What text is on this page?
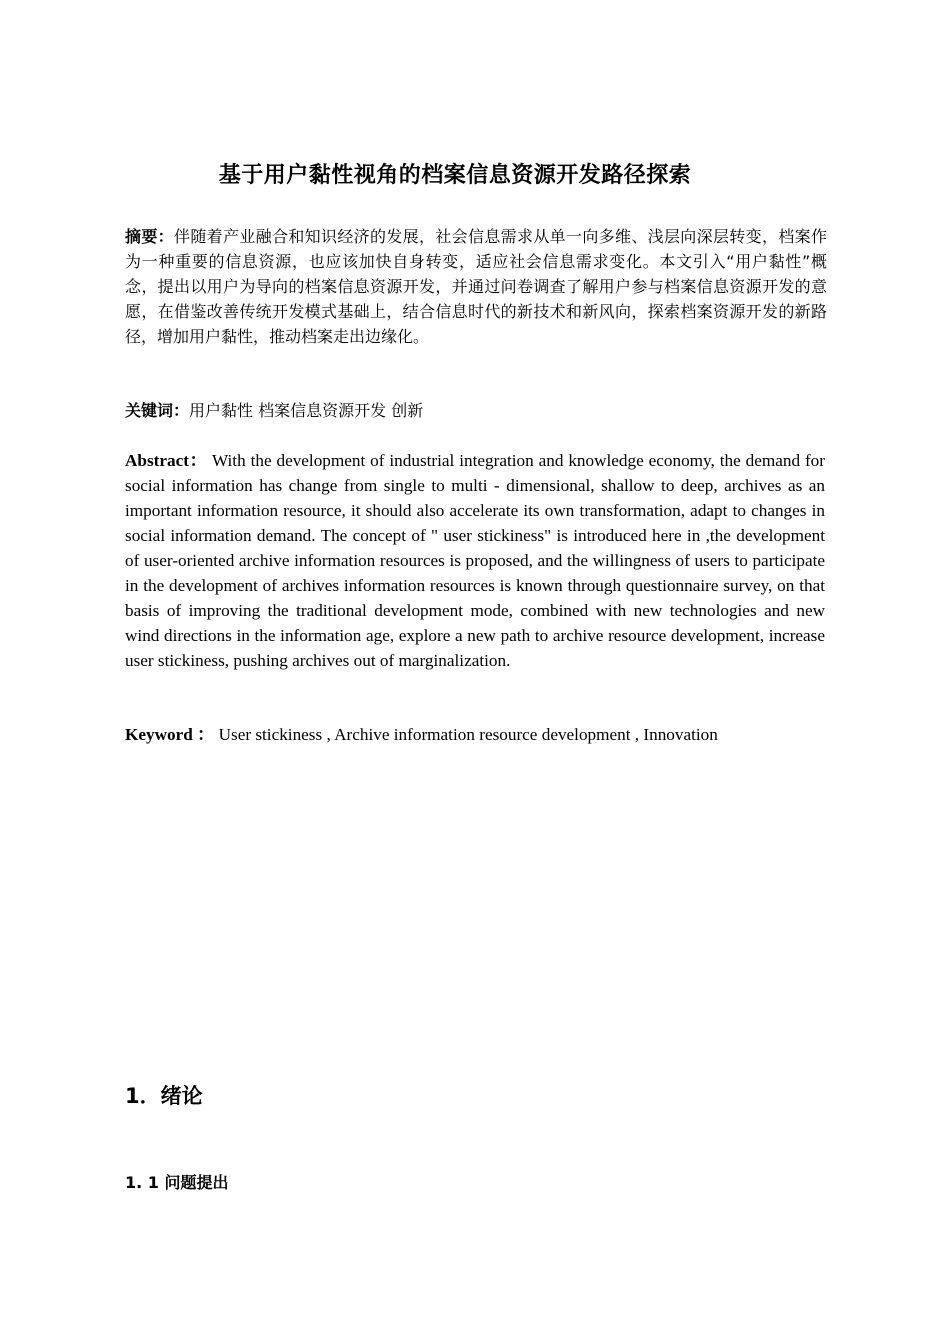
基于用户黏性视角的档案信息资源开发路径探索
摘要：伴随着产业融合和知识经济的发展，社会信息需求从单一向多维、浅层向深层转变，档案作为一种重要的信息资源，也应该加快自身转变，适应社会信息需求变化。本文引入“用户黏性”概念，提出以用户为导向的档案信息资源开发，并通过问卷调查了解用户参与档案信息资源开发的意愿，在借鉴改善传统开发模式基础上，结合信息时代的新技术和新风向，探索档案资源开发的新路径，增加用户黏性，推动档案走出边缘化。
关键词：用户黏性 档案信息资源开发 创新
Abstract： With the development of industrial integration and knowledge economy, the demand for social information has change from single to multi - dimensional, shallow to deep, archives as an important information resource, it should also accelerate its own transformation, adapt to changes in social information demand. The concept of " user stickiness" is introduced here in ,the development of user-oriented archive information resources is proposed, and the willingness of users to participate in the development of archives information resources is known through questionnaire survey, on that basis of improving the traditional development mode, combined with new technologies and new wind directions in the information age, explore a new path to archive resource development, increase user stickiness, pushing archives out of marginalization.
Keyword ： User stickiness , Archive information resource development , Innovation
1．绪论
1. 1 问题提出
